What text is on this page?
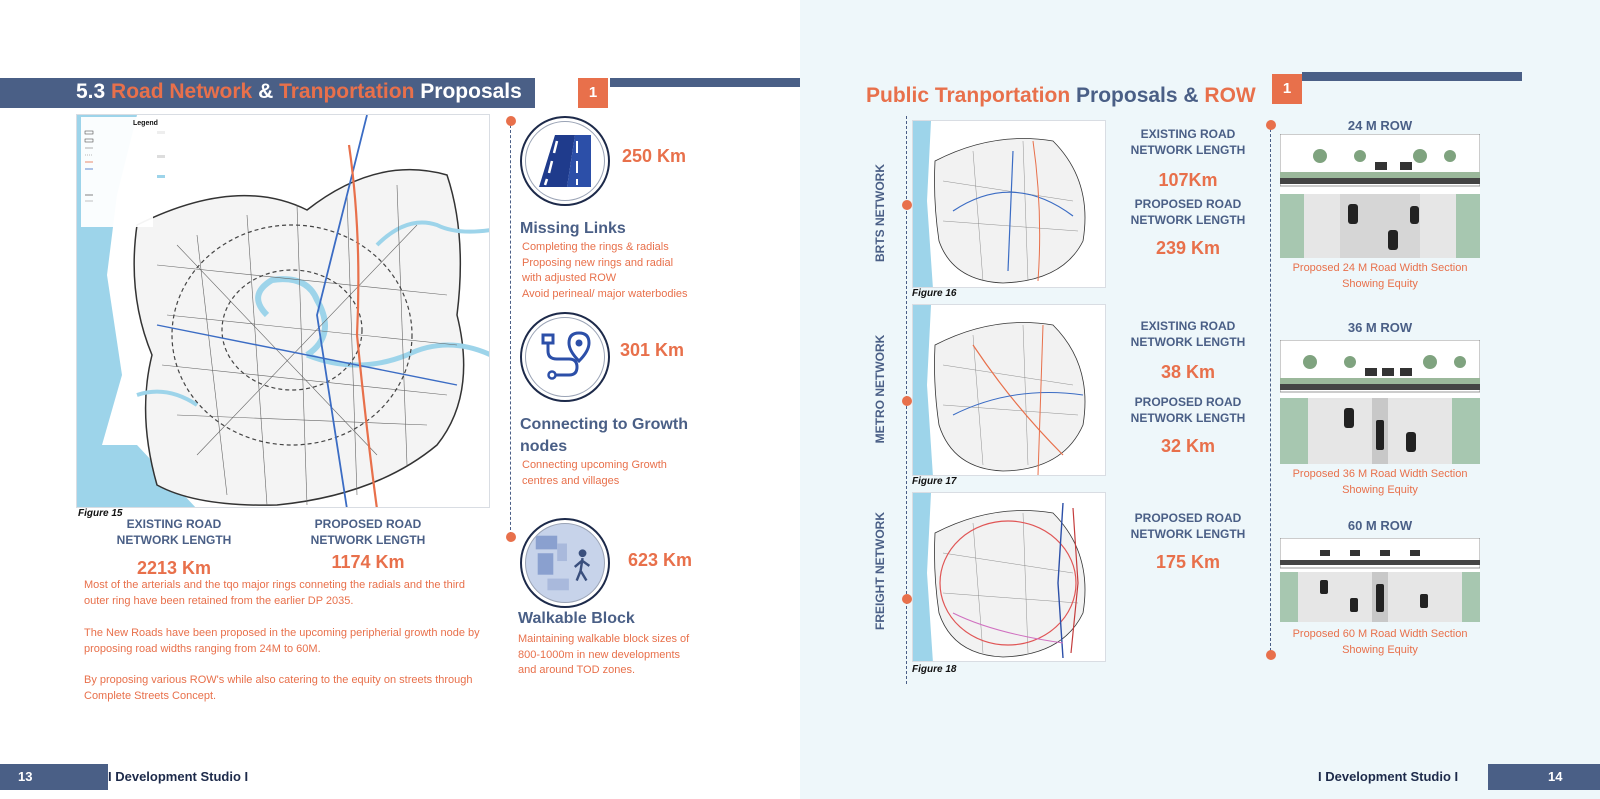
5.3 Road Network & Tranportation Proposals	1
Legend
Figure 15
EXISTING ROAD
NETWORK LENGTH
2213 Km
PROPOSED ROAD
NETWORK LENGTH
1174 Km
Most of the arterials and the tqo major rings conneting the radials and the third outer ring have been retained from the earlier DP 2035.
The New Roads have been proposed in the upcoming peripherial growth node by proposing road widths ranging from 24M to 60M.
By proposing various ROW's while also catering to the equity on streets through Complete Streets Concept.
250 Km
Missing Links
Completing the rings & radials
Proposing new rings and radial
with adjusted ROW
Avoid perineal/ major waterbodies
301 Km
Connecting to Growth
nodes
Connecting upcoming Growth
centres and villages
623 Km
Walkable Block
Maintaining walkable block sizes of
800-1000m in new developments
and around TOD zones.
13	I Development Studio I
Public Tranportation Proposals & ROW	1
Figure 16
Figure 17
Figure 18
BRTS NETWORK
METRO NETWORK
FREIGHT NETWORK
EXISTING ROAD
NETWORK LENGTH
107Km
PROPOSED ROAD
NETWORK LENGTH
239 Km
EXISTING ROAD
NETWORK LENGTH
38 Km
PROPOSED ROAD
NETWORK LENGTH
32 Km
PROPOSED ROAD
NETWORK LENGTH
175 Km
24 M ROW
Proposed 24 M Road Width Section
Showing Equity
36 M ROW
Proposed 36 M Road Width Section
Showing Equity
60 M ROW
Proposed 60 M Road Width Section
Showing Equity
I Development Studio I	14
